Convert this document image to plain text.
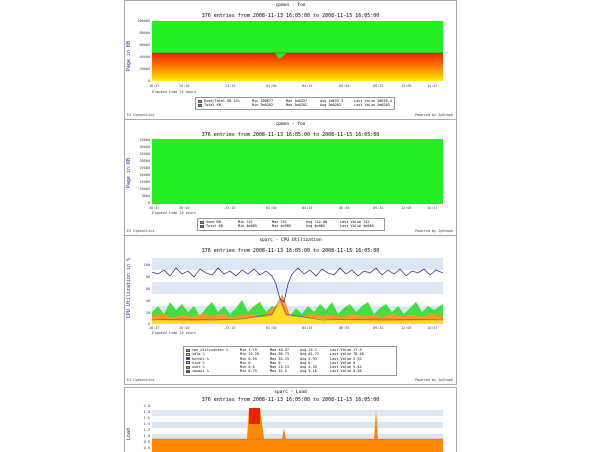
cpmon - foo
376 entries from 2008-11-13 16:05:00 to 2008-11-15 16:05:00
Page in KB
100000
80000
60000
40000
20000
0
16:47	20:10	23:15	01:50	04:15	06:55	09:32	12:05	14:47
Elapsed time 24 hours
Used/Total KB 15%	Min 100K77	Max 1m0437	Avg 1dK55.3	Last Value 1dK55.4
Total KB	Min 3m0202	Max 3m0202	Avg 3m0202	Last Value 3m0202
EJ Cybonitics	Powered by JpGraph
cpmon - foo
376 entries from 2008-11-13 16:05:00 to 2008-11-15 16:05:00
Page in KB
45000
40000
35000
30000
25000
20000
15000
10000
5000
0
16:47	20:10	23:15	01:50	04:15	06:55	09:32	12:05	14:47
Elapsed time 24 hours
Used KB	Min 742	Max 742	Avg 742.00	Last Value 742
Total KB	Min 4m985	Max 4m985	Avg 4m985	Last Value 4m985
EJ Cybonitics	Powered by JpGraph
sparc - CPU Utilization
376 entries from 2008-11-13 16:05:00 to 2008-11-15 16:05:00
CPU Utilization in %	100
80
60
40
20
0
16:47	20:10	23:15	01:50	04:15	06:55	09:32	12:05	14:47
Elapsed time 24 hours
cpu_utilization %	Min 1.19	Max 40.37	Avg 15.1	Last Value 17.9
idle %	Min 15.25	Max 98.73	Avg 81.72	Last Value 78.48
kernel %	Min 0.55	Max 35.15	Avg 5.93	Last Value 3.92
nice %	Min 0	Max 0	Avg 0	Last Value 0
user %	Min 0.6	Max 13.13	Avg 4.33	Last Value 5.44
iowait %	Min 0.75	Max 32.5	Avg 5.18	Last Value 0.56
EJ Cybonitics	Powered by JpGraph
sparc - Load
376 entries from 2008-11-13 16:05:00 to 2008-11-15 16:05:00
Load
2.0
1.8
1.6
1.4
1.2
1.0
0.8
0.6
